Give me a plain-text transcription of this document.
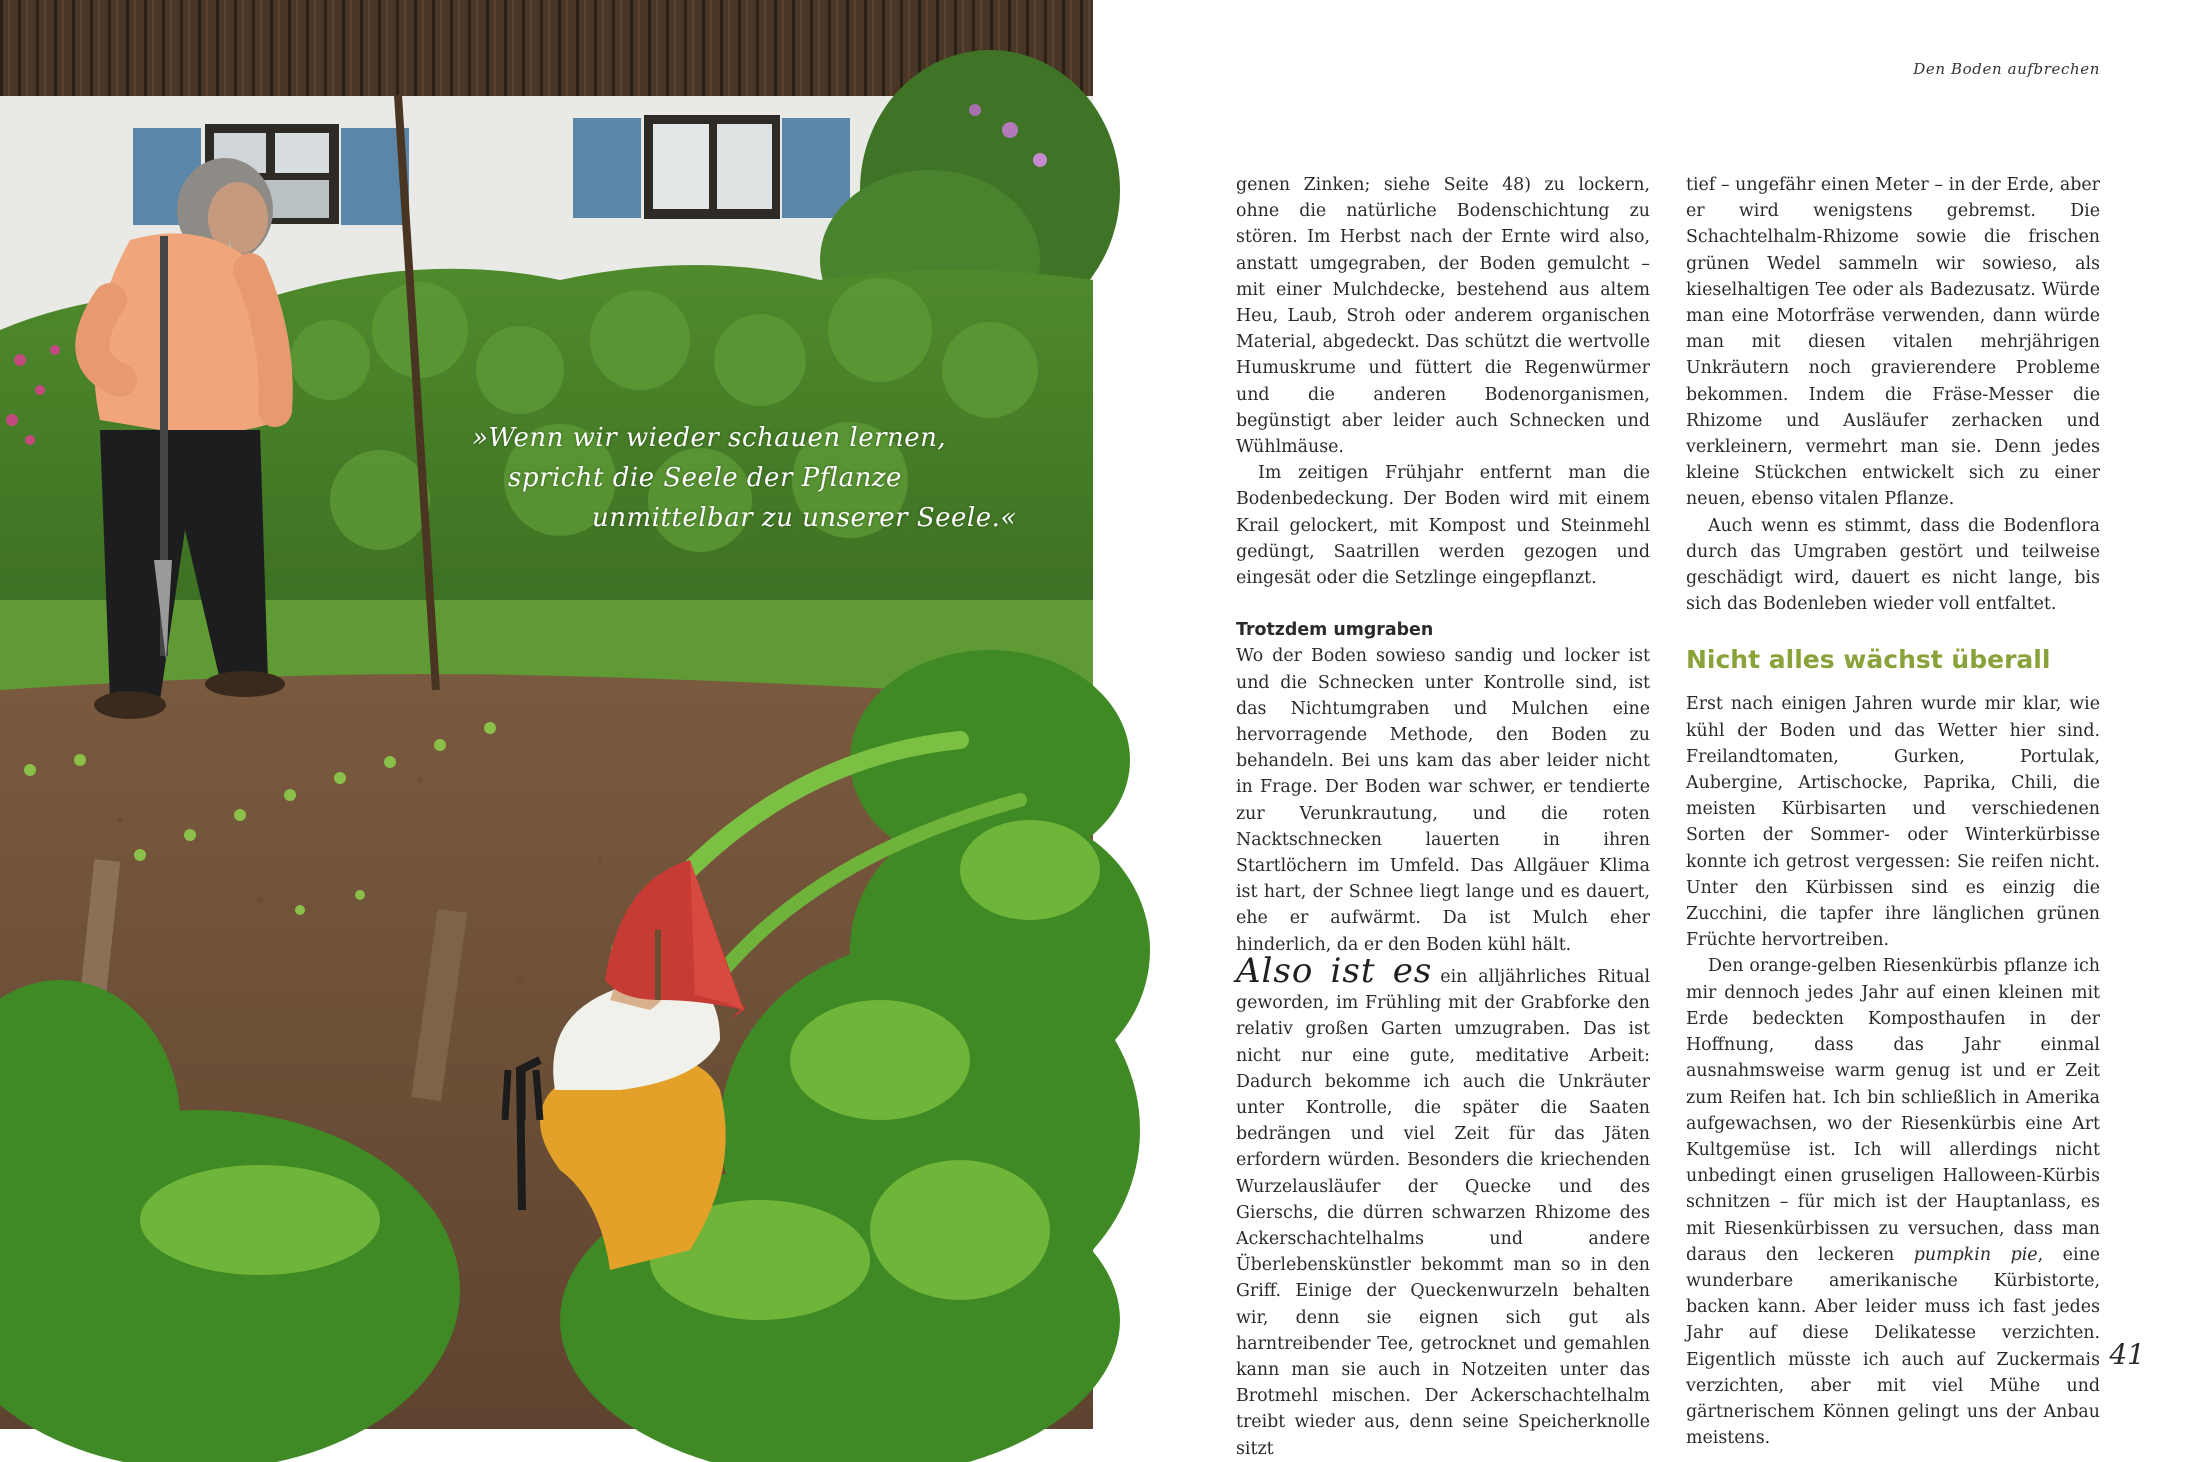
»Wenn wir wieder schauen lernen,
spricht die Seele der Pflanze
unmittelbar zu unserer Seele.«
Den Boden aufbrechen

genen Zinken; siehe Seite 48) zu lockern, ohne die natürliche Bodenschichtung zu stören. Im Herbst nach der Ernte wird also, anstatt umgegraben, der Boden gemulcht – mit einer Mulchdecke, bestehend aus altem Heu, Laub, Stroh oder anderem organischen Material, abgedeckt. Das schützt die wertvolle Humuskrume und füttert die Regenwürmer und die anderen Bodenorganismen, begünstigt aber leider auch Schnecken und Wühlmäuse.

Im zeitigen Frühjahr entfernt man die Bodenbedeckung. Der Boden wird mit einem Krail gelockert, mit Kompost und Steinmehl gedüngt, Saatrillen werden gezogen und eingesät oder die Setzlinge eingepflanzt.

Trotzdem umgraben

Wo der Boden sowieso sandig und locker ist und die Schnecken unter Kontrolle sind, ist das Nichtumgraben und Mulchen eine hervorragende Methode, den Boden zu behandeln. Bei uns kam das aber leider nicht in Frage. Der Boden war schwer, er tendierte zur Verunkrautung, und die roten Nacktschnecken lauerten in ihren Startlöchern im Umfeld. Das Allgäuer Klima ist hart, der Schnee liegt lange und es dauert, ehe er aufwärmt. Da ist Mulch eher hinderlich, da er den Boden kühl hält.

Also ist es ein alljährliches Ritual geworden, im Frühling mit der Grabforke den relativ großen Garten umzugraben. Das ist nicht nur eine gute, meditative Arbeit: Dadurch bekomme ich auch die Unkräuter unter Kontrolle, die später die Saaten bedrängen und viel Zeit für das Jäten erfordern würden. Besonders die kriechenden Wurzelausläufer der Quecke und des Gierschs, die dürren schwarzen Rhizome des Ackerschachtelhalms und andere Überlebenskünstler bekommt man so in den Griff. Einige der Queckenwurzeln behalten wir, denn sie eignen sich gut als harntreibender Tee, getrocknet und gemahlen kann man sie auch in Notzeiten unter das Brotmehl mischen. Der Ackerschachtelhalm treibt wieder aus, denn seine Speicherknolle sitzt

tief – ungefähr einen Meter – in der Erde, aber er wird wenigstens gebremst. Die Schachtelhalm-Rhizome sowie die frischen grünen Wedel sammeln wir sowieso, als kieselhaltigen Tee oder als Badezusatz. Würde man eine Motorfräse verwenden, dann würde man mit diesen vitalen mehrjährigen Unkräutern noch gravierendere Probleme bekommen. Indem die Fräse-Messer die Rhizome und Ausläufer zerhacken und verkleinern, vermehrt man sie. Denn jedes kleine Stückchen entwickelt sich zu einer neuen, ebenso vitalen Pflanze.

Auch wenn es stimmt, dass die Bodenflora durch das Umgraben gestört und teilweise geschädigt wird, dauert es nicht lange, bis sich das Bodenleben wieder voll entfaltet.

Nicht alles wächst überall

Erst nach einigen Jahren wurde mir klar, wie kühl der Boden und das Wetter hier sind. Freilandtomaten, Gurken, Portulak, Aubergine, Artischocke, Paprika, Chili, die meisten Kürbisarten und verschiedenen Sorten der Sommer- oder Winterkürbisse konnte ich getrost vergessen: Sie reifen nicht. Unter den Kürbissen sind es einzig die Zucchini, die tapfer ihre länglichen grünen Früchte hervortreiben.

Den orange-gelben Riesenkürbis pflanze ich mir dennoch jedes Jahr auf einen kleinen mit Erde bedeckten Komposthaufen in der Hoffnung, dass das Jahr einmal ausnahmsweise warm genug ist und er Zeit zum Reifen hat. Ich bin schließlich in Amerika aufgewachsen, wo der Riesenkürbis eine Art Kultgemüse ist. Ich will allerdings nicht unbedingt einen gruseligen Halloween-Kürbis schnitzen – für mich ist der Hauptanlass, es mit Riesenkürbissen zu versuchen, dass man daraus den leckeren pumpkin pie, eine wunderbare amerikanische Kürbistorte, backen kann. Aber leider muss ich fast jedes Jahr auf diese Delikatesse verzichten. Eigentlich müsste ich auch auf Zuckermais verzichten, aber mit viel Mühe und gärtnerischem Können gelingt uns der Anbau meistens.

41
